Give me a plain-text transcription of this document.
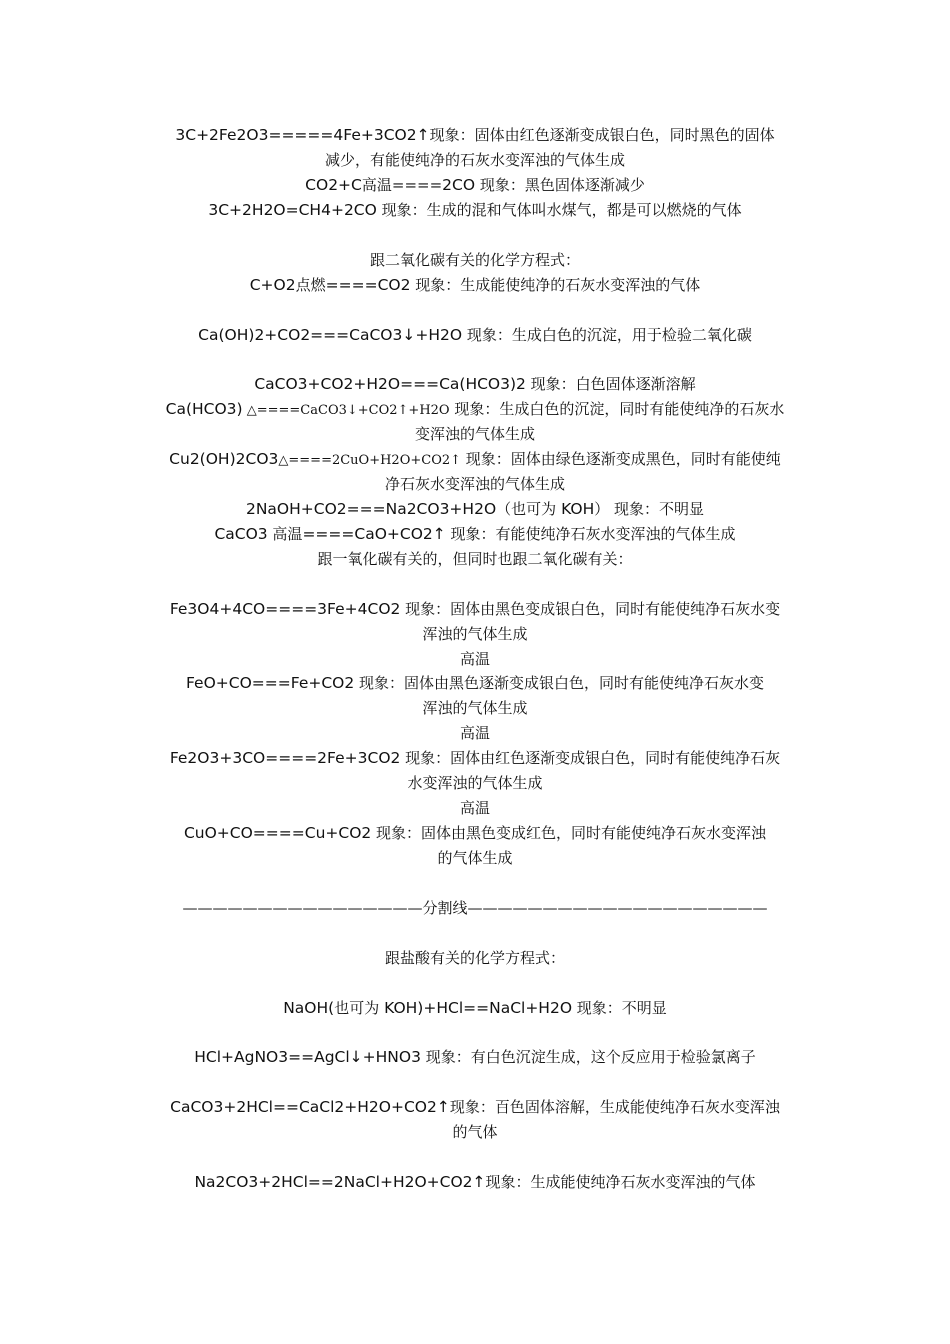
3C+2Fe2O3=====4Fe+3CO2↑现象：固体由红色逐渐变成银白色，同时黑色的固体
减少，有能使纯净的石灰水变浑浊的气体生成
CO2+C高温====2CO 现象：黑色固体逐渐减少
3C+2H2O=CH4+2CO 现象：生成的混和气体叫水煤气，都是可以燃烧的气体
跟二氧化碳有关的化学方程式：
C+O2点燃====CO2 现象：生成能使纯净的石灰水变浑浊的气体
Ca(OH)2+CO2===CaCO3↓+H2O 现象：生成白色的沉淀，用于检验二氧化碳
CaCO3+CO2+H2O===Ca(HCO3)2 现象：白色固体逐渐溶解
Ca(HCO3) △====CaCO3↓+CO2↑+H2O 现象：生成白色的沉淀，同时有能使纯净的石灰水
变浑浊的气体生成
Cu2(OH)2CO3△====2CuO+H2O+CO2↑ 现象：固体由绿色逐渐变成黑色，同时有能使纯
净石灰水变浑浊的气体生成
2NaOH+CO2===Na2CO3+H2O（也可为 KOH） 现象：不明显
CaCO3 高温====CaO+CO2↑ 现象：有能使纯净石灰水变浑浊的气体生成
跟一氧化碳有关的，但同时也跟二氧化碳有关：
Fe3O4+4CO====3Fe+4CO2 现象：固体由黑色变成银白色，同时有能使纯净石灰水变
浑浊的气体生成
高温
FeO+CO===Fe+CO2 现象：固体由黑色逐渐变成银白色，同时有能使纯净石灰水变
浑浊的气体生成
高温
Fe2O3+3CO====2Fe+3CO2 现象：固体由红色逐渐变成银白色，同时有能使纯净石灰
水变浑浊的气体生成
高温
CuO+CO====Cu+CO2 现象：固体由黑色变成红色，同时有能使纯净石灰水变浑浊
的气体生成
————————————————分割线————————————————————
跟盐酸有关的化学方程式：
NaOH(也可为 KOH)+HCl==NaCl+H2O 现象：不明显
HCl+AgNO3==AgCl↓+HNO3 现象：有白色沉淀生成，这个反应用于检验氯离子
CaCO3+2HCl==CaCl2+H2O+CO2↑现象：百色固体溶解，生成能使纯净石灰水变浑浊
的气体
Na2CO3+2HCl==2NaCl+H2O+CO2↑现象：生成能使纯净石灰水变浑浊的气体
